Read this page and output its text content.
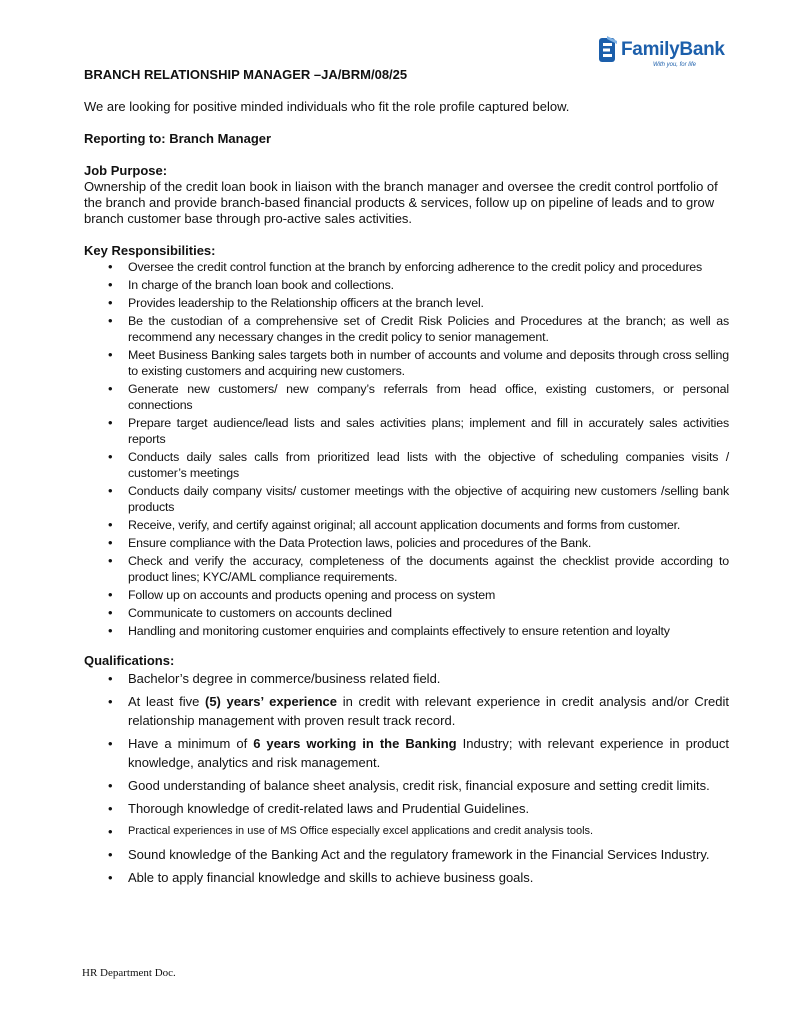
FamilyBank
With you, for life

BRANCH RELATIONSHIP MANAGER –JA/BRM/08/25

We are looking for positive minded individuals who fit the role profile captured below.

Reporting to: Branch Manager

Job Purpose:

Ownership of the credit loan book in liaison with the branch manager and oversee the credit control portfolio of the branch and provide branch-based financial products & services, follow up on pipeline of leads and to grow branch customer base through pro-active sales activities.

Key Responsibilities:

• Oversee the credit control function at the branch by enforcing adherence to the credit policy and procedures
• In charge of the branch loan book and collections.
• Provides leadership to the Relationship officers at the branch level.
• Be the custodian of a comprehensive set of Credit Risk Policies and Procedures at the branch; as well as recommend any necessary changes in the credit policy to senior management.
• Meet Business Banking sales targets both in number of accounts and volume and deposits through cross selling to existing customers and acquiring new customers.
• Generate new customers/ new company’s referrals from head office, existing customers, or personal connections
• Prepare target audience/lead lists and sales activities plans; implement and fill in accurately sales activities reports
• Conducts daily sales calls from prioritized lead lists with the objective of scheduling companies visits / customer’s meetings
• Conducts daily company visits/ customer meetings with the objective of acquiring new customers /selling bank products
• Receive, verify, and certify against original; all account application documents and forms from customer.
• Ensure compliance with the Data Protection laws, policies and procedures of the Bank.
• Check and verify the accuracy, completeness of the documents against the checklist provide according to product lines; KYC/AML compliance requirements.
• Follow up on accounts and products opening and process on system
• Communicate to customers on accounts declined
• Handling and monitoring customer enquiries and complaints effectively to ensure retention and loyalty

Qualifications:

• Bachelor’s degree in commerce/business related field.
• At least five (5) years’ experience in credit with relevant experience in credit analysis and/or Credit relationship management with proven result track record.
• Have a minimum of 6 years working in the Banking Industry; with relevant experience in product knowledge, analytics and risk management.
• Good understanding of balance sheet analysis, credit risk, financial exposure and setting credit limits.
• Thorough knowledge of credit-related laws and Prudential Guidelines.
• Practical experiences in use of MS Office especially excel applications and credit analysis tools.
• Sound knowledge of the Banking Act and the regulatory framework in the Financial Services Industry.
• Able to apply financial knowledge and skills to achieve business goals.
HR Department Doc.
